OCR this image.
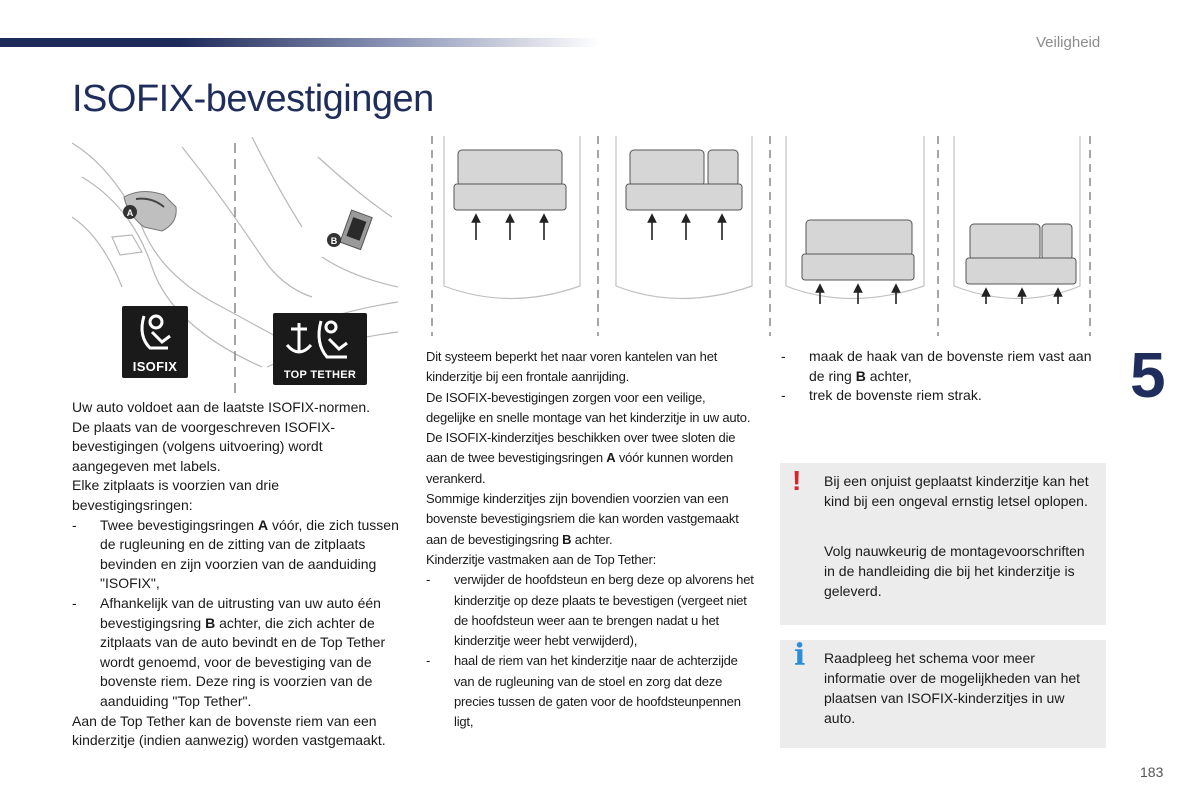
Veiligheid
ISOFIX-bevestigingen
5
183
A
B
ISOFIX
TOP TETHER

Uw auto voldoet aan de laatste ISOFIX-normen.

De plaats van de voorgeschreven ISOFIX-bevestigingen (volgens uitvoering) wordt aangegeven met labels.

Elke zitplaats is voorzien van drie bevestigingsringen:

- Twee bevestigingsringen A vóór, die zich tussen de rugleuning en de zitting van de zitplaats bevinden en zijn voorzien van de aanduiding "ISOFIX",
- Afhankelijk van de uitrusting van uw auto één bevestigingsring B achter, die zich achter de zitplaats van de auto bevindt en de Top Tether wordt genoemd, voor de bevestiging van de bovenste riem. Deze ring is voorzien van de aanduiding "Top Tether".

Aan de Top Tether kan de bovenste riem van een kinderzitje (indien aanwezig) worden vastgemaakt.

Dit systeem beperkt het naar voren kantelen van het kinderzitje bij een frontale aanrijding.

De ISOFIX-bevestigingen zorgen voor een veilige, degelijke en snelle montage van het kinderzitje in uw auto.

De ISOFIX-kinderzitjes beschikken over twee sloten die aan de twee bevestigingsringen A vóór kunnen worden verankerd.

Sommige kinderzitjes zijn bovendien voorzien van een bovenste bevestigingsriem die kan worden vastgemaakt aan de bevestigingsring B achter.

Kinderzitje vastmaken aan de Top Tether:

- verwijder de hoofdsteun en berg deze op alvorens het kinderzitje op deze plaats te bevestigen (vergeet niet de hoofdsteun weer aan te brengen nadat u het kinderzitje weer hebt verwijderd),
- haal de riem van het kinderzitje naar de achterzijde van de rugleuning van de stoel en zorg dat deze precies tussen de gaten voor de hoofdsteunpennen ligt,
- maak de haak van de bovenste riem vast aan de ring B achter,
- trek de bovenste riem strak.
! Bij een onjuist geplaatst kinderzitje kan het kind bij een ongeval ernstig letsel oplopen.
Volg nauwkeurig de montagevoorschriften in de handleiding die bij het kinderzitje is geleverd.
i Raadpleeg het schema voor meer informatie over de mogelijkheden van het plaatsen van ISOFIX-kinderzitjes in uw auto.
